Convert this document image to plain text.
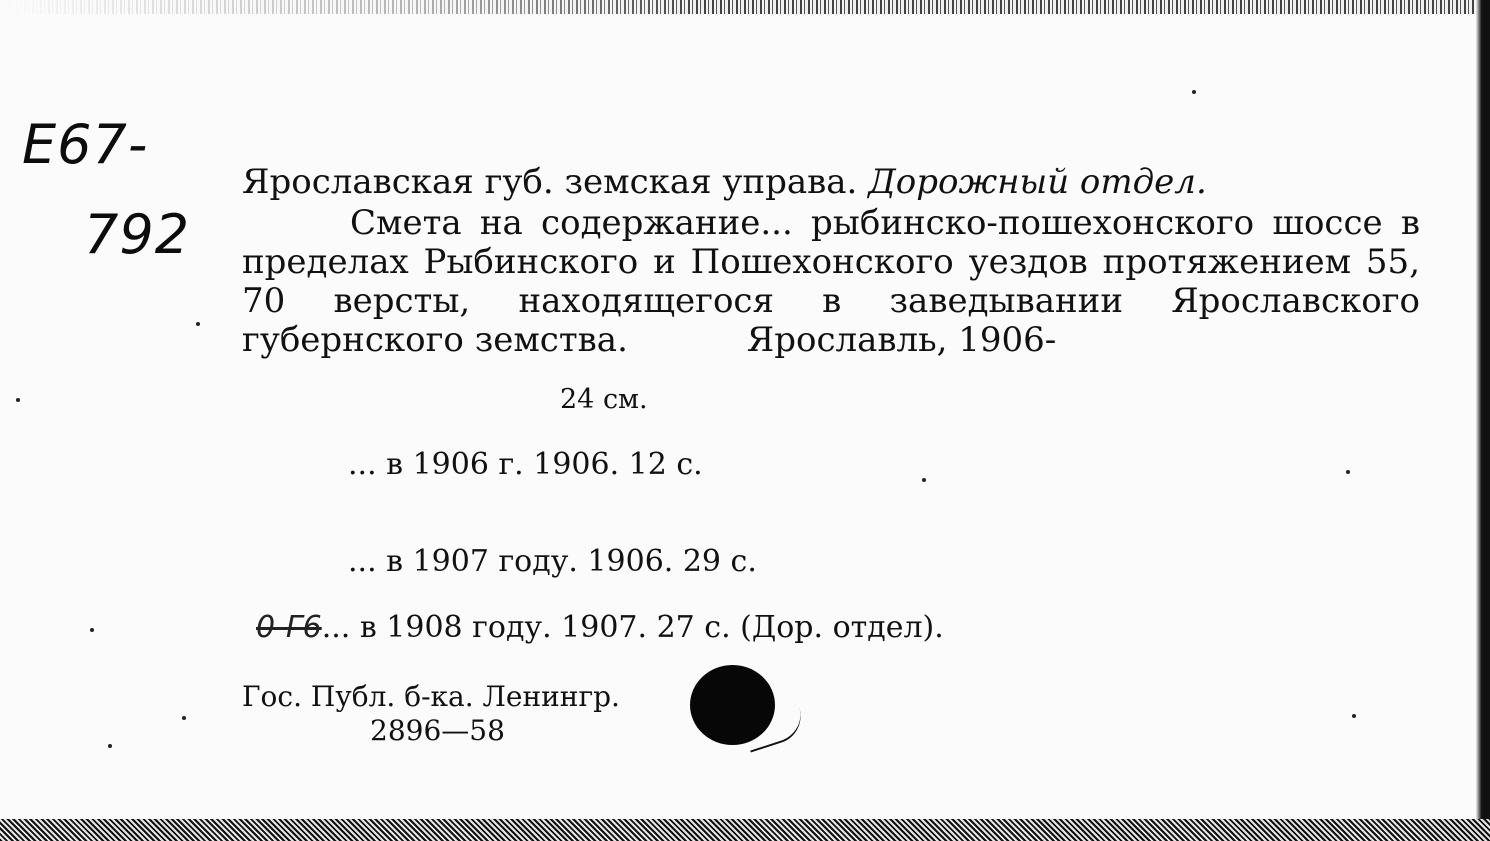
E67-
792
Ярославская губ. земская управа. Дорожный отдел.
Смета на содержание... рыбинско-пошехонского шоссе в пределах Рыбинского и Пошехонского уездов протяжением 55, 70 версты, находящегося в заведывании Ярославского губернского земства.	Ярославль, 1906-
24 см.
... в 1906 г. 1906. 12 с.
... в 1907 году. 1906. 29 с.
0-Г6... в 1908 году. 1907. 27 с. (Дор. отдел).
Гос. Публ. б-ка. Ленингр.
2896—58
